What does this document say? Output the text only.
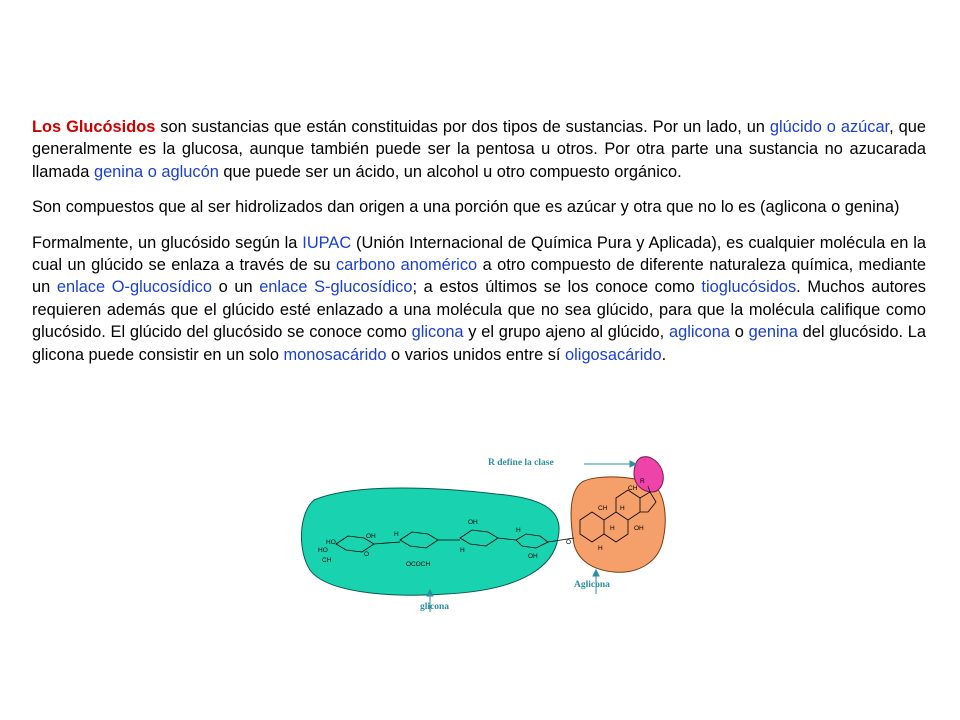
Los Glucósidos son sustancias que están constituidas por dos tipos de sustancias. Por un lado, un glúcido o azúcar, que generalmente es la glucosa, aunque también puede ser la pentosa u otros. Por otra parte una sustancia no azucarada llamada genina o aglucón que puede ser un ácido, un alcohol u otro compuesto orgánico.

Son compuestos que al ser hidrolizados dan origen a una porción que es azúcar y otra que no lo es (aglicona o genina)

Formalmente, un glucósido según la IUPAC (Unión Internacional de Química Pura y Aplicada), es cualquier molécula en la cual un glúcido se enlaza a través de su carbono anomérico a otro compuesto de diferente naturaleza química, mediante un enlace O-glucosídico o un enlace S-glucosídico; a estos últimos se los conoce como tioglucósidos. Muchos autores requieren además que el glúcido esté enlazado a una molécula que no sea glúcido, para que la molécula califique como glucósido. El glúcido del glucósido se conoce como glicona y el grupo ajeno al glúcido, aglicona o genina del glucósido. La glicona puede consistir en un solo monosacárido o varios unidos entre sí oligosacárido.

R
CH
CH H
H
H
OH
O
HO
HO
CH
OH
OH
OH
H
H
H
OCOCH
O
R define la clase
Aglicona
glicona
